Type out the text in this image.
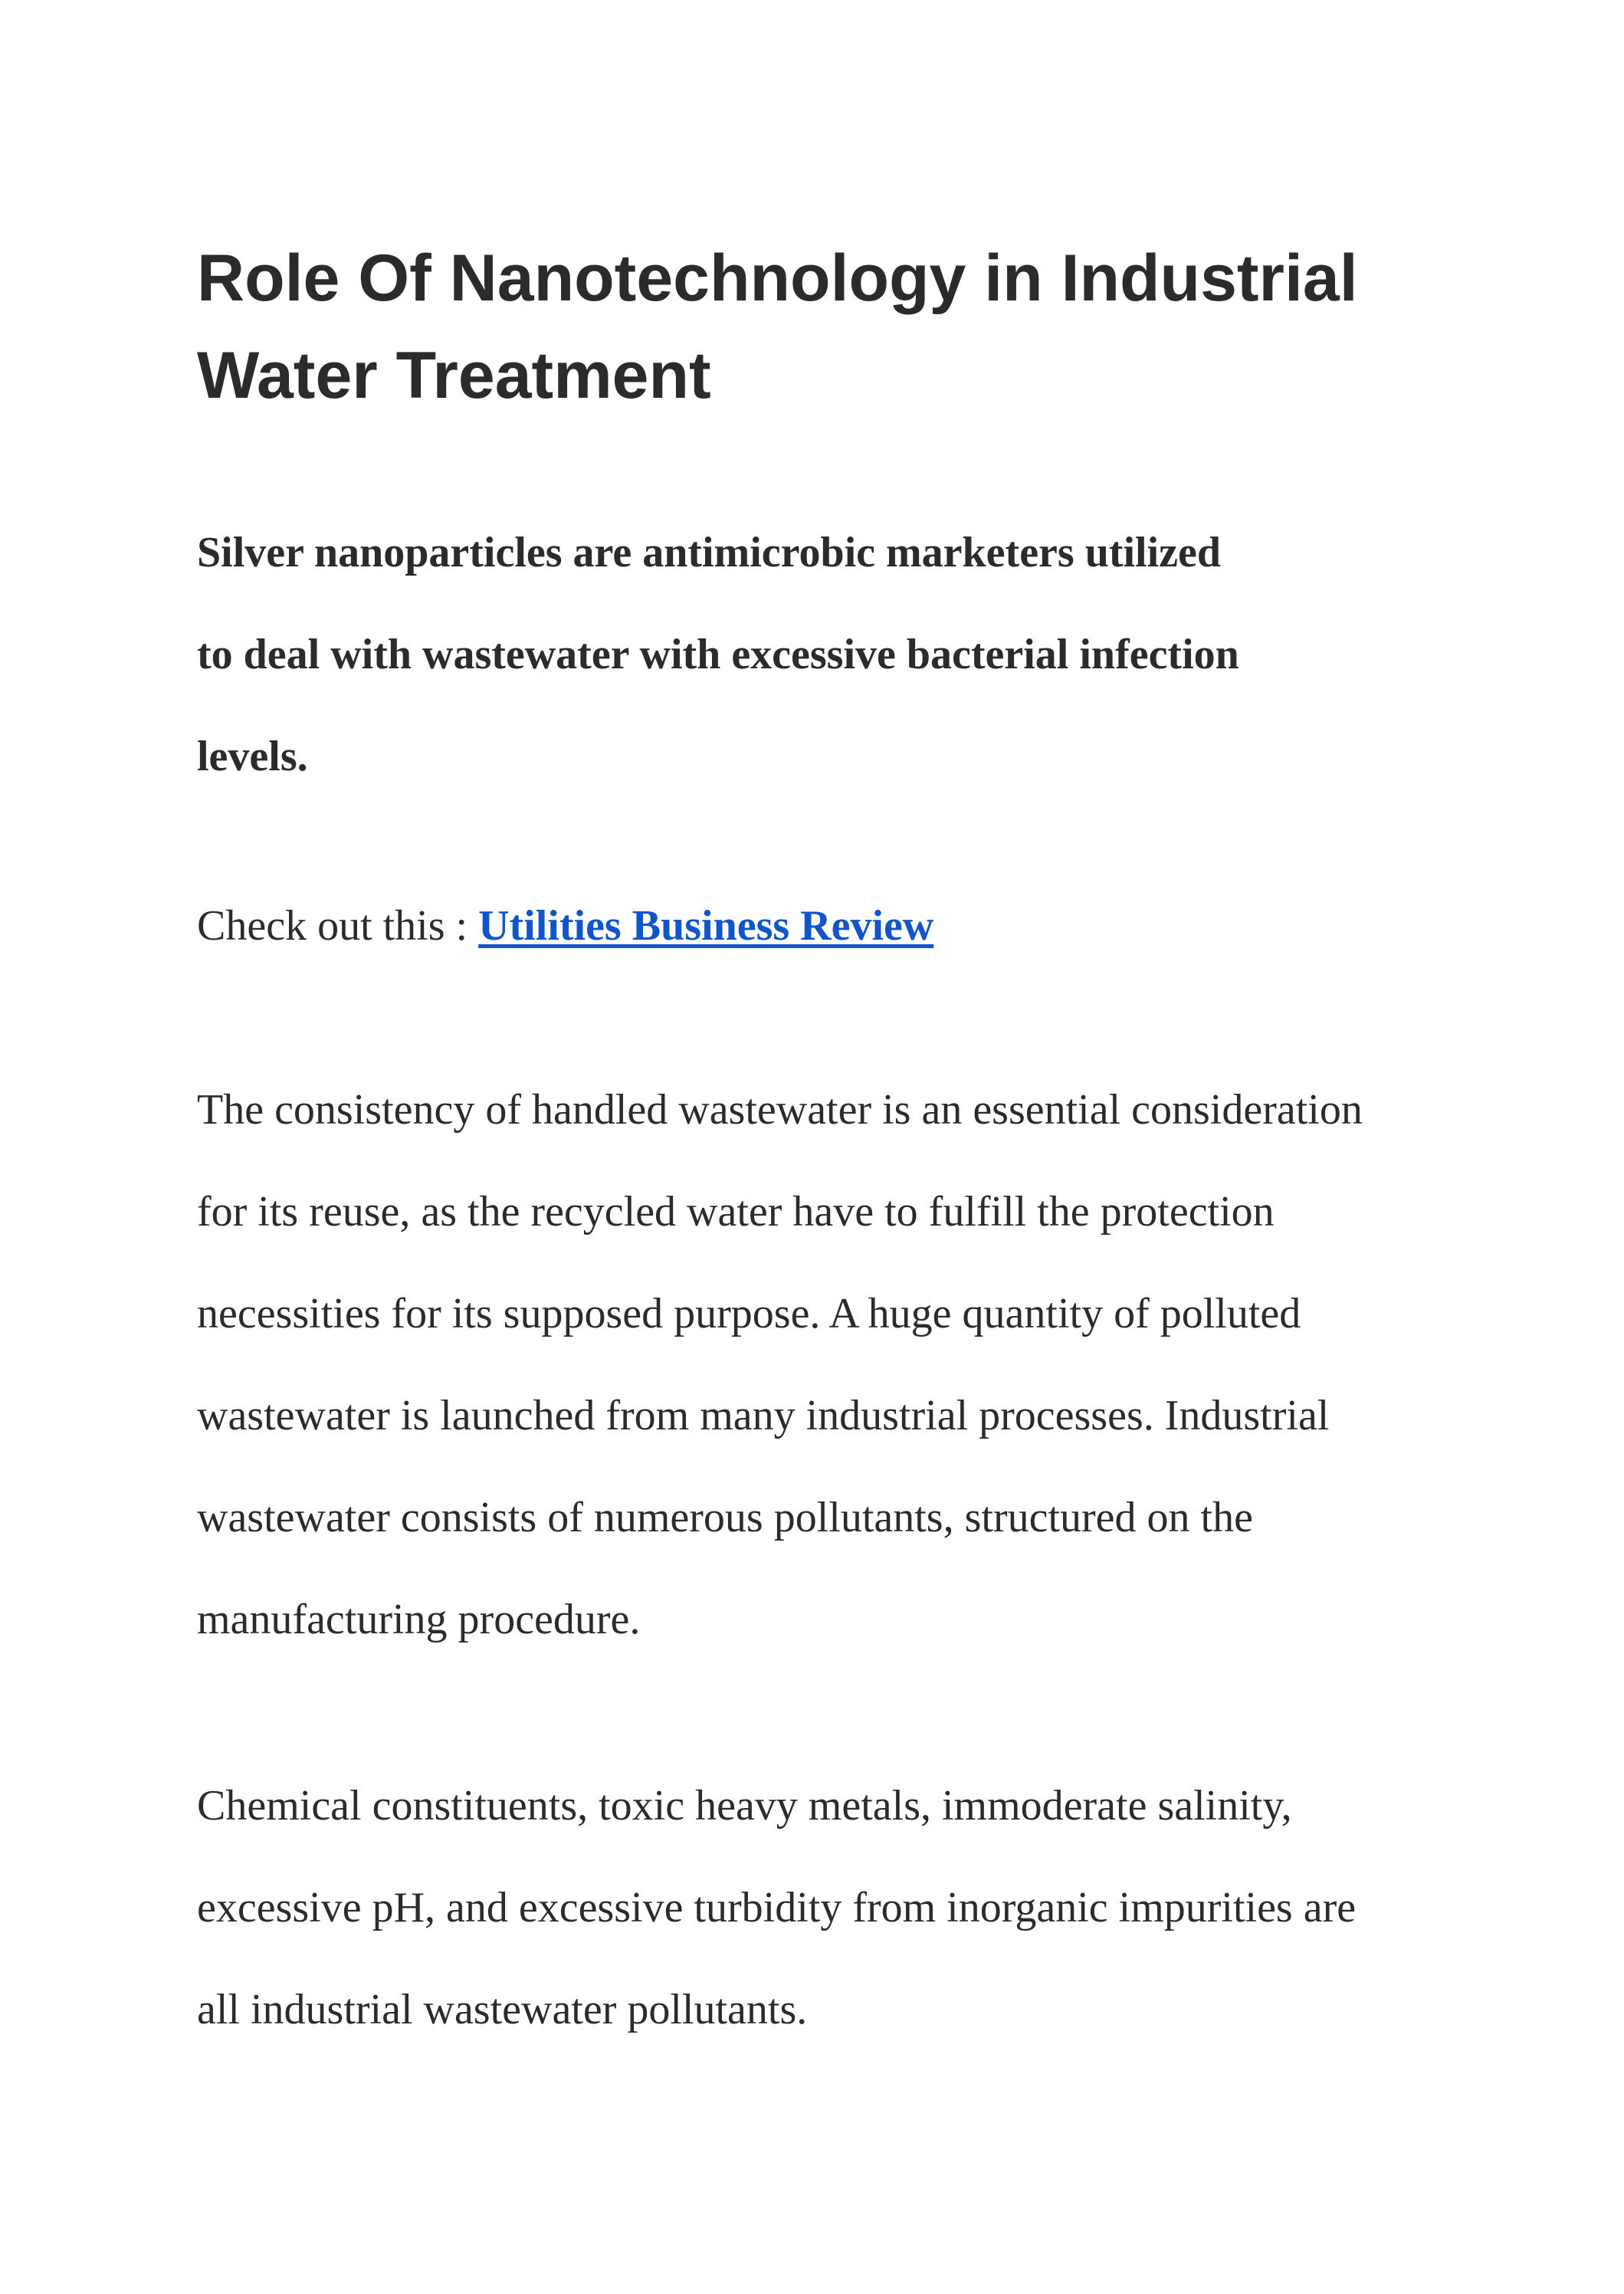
Role Of Nanotechnology in Industrial
Water Treatment

Silver nanoparticles are antimicrobic marketers utilized
to deal with wastewater with excessive bacterial infection
levels.

Check out this : Utilities Business Review

The consistency of handled wastewater is an essential consideration
for its reuse, as the recycled water have to fulfill the protection
necessities for its supposed purpose. A huge quantity of polluted
wastewater is launched from many industrial processes. Industrial
wastewater consists of numerous pollutants, structured on the
manufacturing procedure.

Chemical constituents, toxic heavy metals, immoderate salinity,
excessive pH, and excessive turbidity from inorganic impurities are
all industrial wastewater pollutants.
